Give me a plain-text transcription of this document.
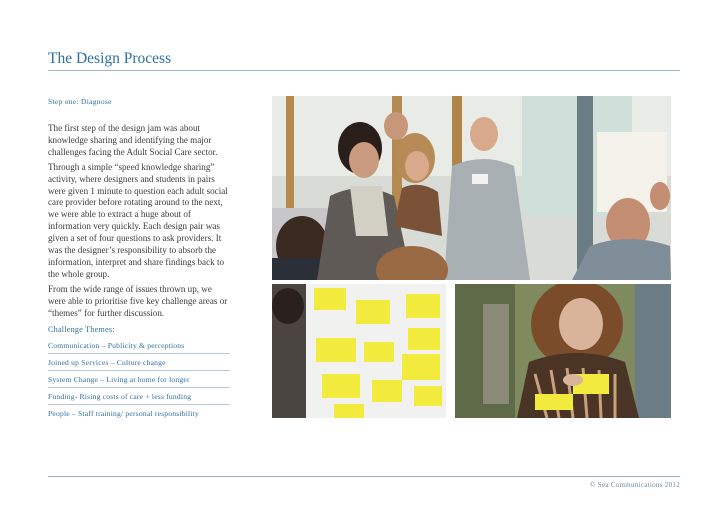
The Design Process
Step one: Diagnose

The first step of the design jam was about knowledge sharing and identifying the major challenges facing the Adult Social Care sector.

Through a simple “speed knowledge sharing” activity, where designers and students in pairs were given 1 minute to question each adult social care provider before rotating around to the next, we were able to extract a huge about of information very quickly. Each design pair was given a set of four questions to ask providers. It was the designer’s responsibility to absorb the information, interpret and share findings back to the whole group.

From the wide range of issues thrown up, we were able to prioritise five key challenge areas or “themes” for further discussion.

Challenge Themes:
Communication – Publicity & perceptions
Joined up Services – Culture change
System Change – Living at home for longer
Funding- Rising costs of care + less funding
People – Staff training/ personal responsibility
© Sea Communications 2012
